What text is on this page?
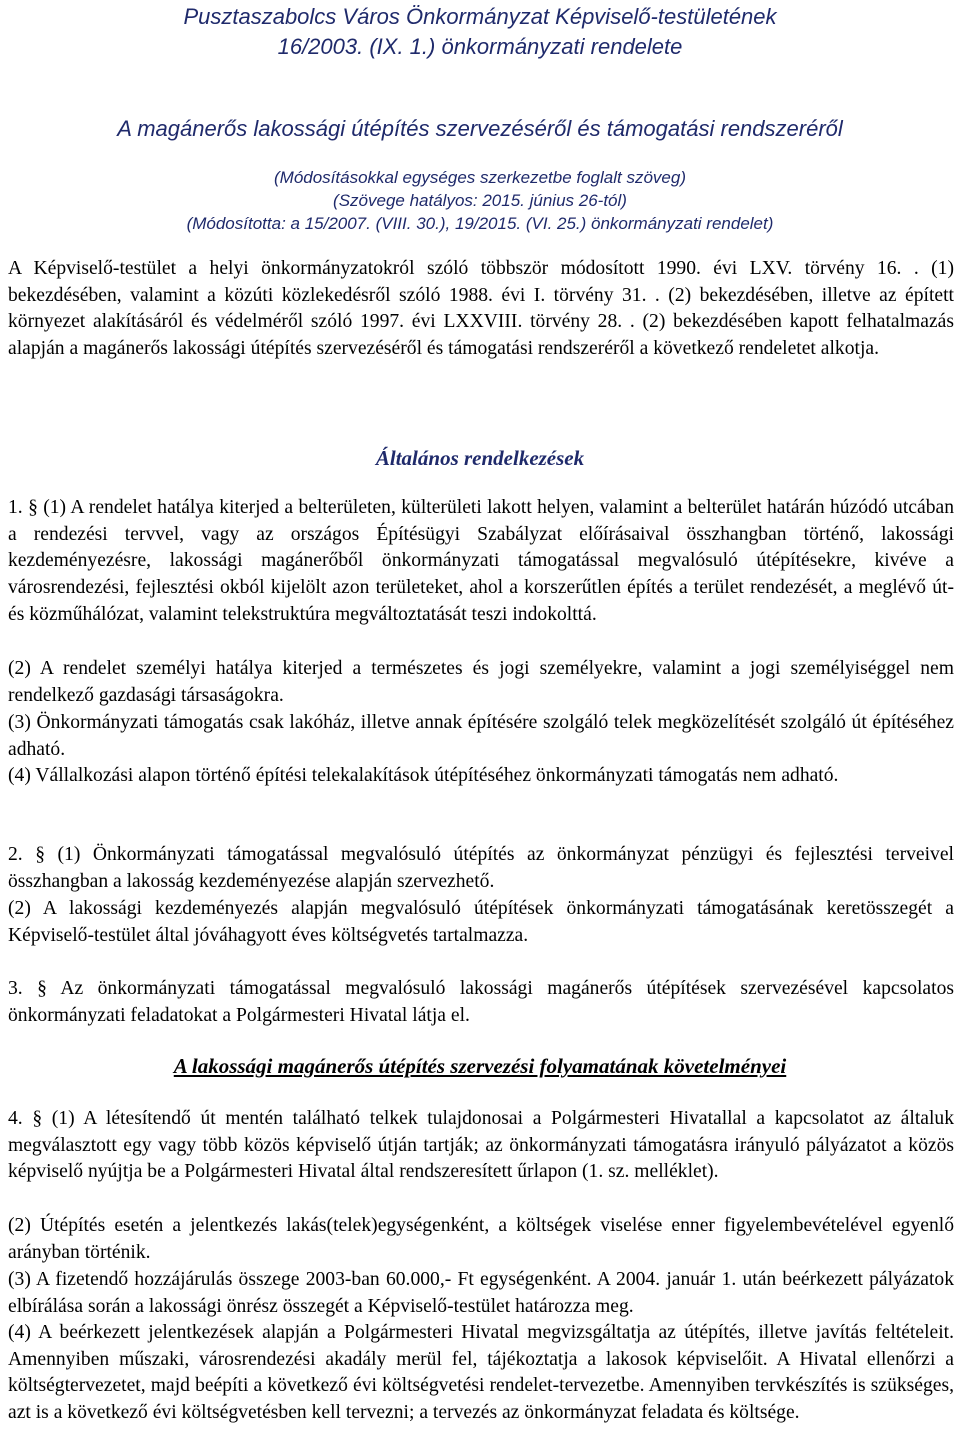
Pusztaszabolcs Város Önkormányzat Képviselő-testületének
16/2003. (IX. 1.) önkormányzati rendelete
A magánerős lakossági útépítés szervezéséről és támogatási rendszeréről
(Módosításokkal egységes szerkezetbe foglalt szöveg)
(Szövege hatályos: 2015. június 26-tól)
(Módosította: a 15/2007. (VIII. 30.), 19/2015. (VI. 25.) önkormányzati rendelet)
A Képviselő-testület a helyi önkormányzatokról szóló többször módosított 1990. évi LXV. törvény 16. . (1) bekezdésében, valamint a közúti közlekedésről szóló 1988. évi I. törvény 31. . (2) bekezdésében, illetve az épített környezet alakításáról és védelméről szóló 1997. évi LXXVIII. törvény 28. . (2) bekezdésében kapott felhatalmazás alapján a magánerős lakossági útépítés szervezéséről és támogatási rendszeréről a következő rendeletet alkotja.
Általános rendelkezések
1. § (1) A rendelet hatálya kiterjed a belterületen, külterületi lakott helyen, valamint a belterület határán húzódó utcában a rendezési tervvel, vagy az országos Építésügyi Szabályzat előírásaival összhangban történő, lakossági kezdeményezésre, lakossági magánerőből önkormányzati támogatással megvalósuló útépítésekre, kivéve a városrendezési, fejlesztési okból kijelölt azon területeket, ahol a korszerűtlen építés a terület rendezését, a meglévő út- és közműhálózat, valamint telekstruktúra megváltoztatását teszi indokolttá.
(2) A rendelet személyi hatálya kiterjed a természetes és jogi személyekre, valamint a jogi személyiséggel nem rendelkező gazdasági társaságokra.
(3) Önkormányzati támogatás csak lakóház, illetve annak építésére szolgáló telek megközelítését szolgáló út építéséhez adható.
(4) Vállalkozási alapon történő építési telekalakítások útépítéséhez önkormányzati támogatás nem adható.
2. § (1) Önkormányzati támogatással megvalósuló útépítés az önkormányzat pénzügyi és fejlesztési terveivel összhangban a lakosság kezdeményezése alapján szervezhető.
(2) A lakossági kezdeményezés alapján megvalósuló útépítések önkormányzati támogatásának keretösszegét a Képviselő-testület által jóváhagyott éves költségvetés tartalmazza.
3. § Az önkormányzati támogatással megvalósuló lakossági magánerős útépítések szervezésével kapcsolatos önkormányzati feladatokat a Polgármesteri Hivatal látja el.
A lakossági magánerős útépítés szervezési folyamatának követelményei
4. § (1) A létesítendő út mentén található telkek tulajdonosai a Polgármesteri Hivatallal a kapcsolatot az általuk megválasztott egy vagy több közös képviselő útján tartják; az önkormányzati támogatásra irányuló pályázatot a közös képviselő nyújtja be a Polgármesteri Hivatal által rendszeresített űrlapon (1. sz. melléklet).
(2) Útépítés esetén a jelentkezés lakás(telek)egységenként, a költségek viselése enner figyelembevételével egyenlő arányban történik.
(3) A fizetendő hozzájárulás összege 2003-ban 60.000,- Ft egységenként. A 2004. január 1. után beérkezett pályázatok elbírálása során a lakossági önrész összegét a Képviselő-testület határozza meg.
(4) A beérkezett jelentkezések alapján a Polgármesteri Hivatal megvizsgáltatja az útépítés, illetve javítás feltételeit. Amennyiben műszaki, városrendezési akadály merül fel, tájékoztatja a lakosok képviselőit. A Hivatal ellenőrzi a költségtervezetet, majd beépíti a következő évi költségvetési rendelet-tervezetbe. Amennyiben tervkészítés is szükséges, azt is a következő évi költségvetésben kell tervezni; a tervezés az önkormányzat feladata és költsége.
